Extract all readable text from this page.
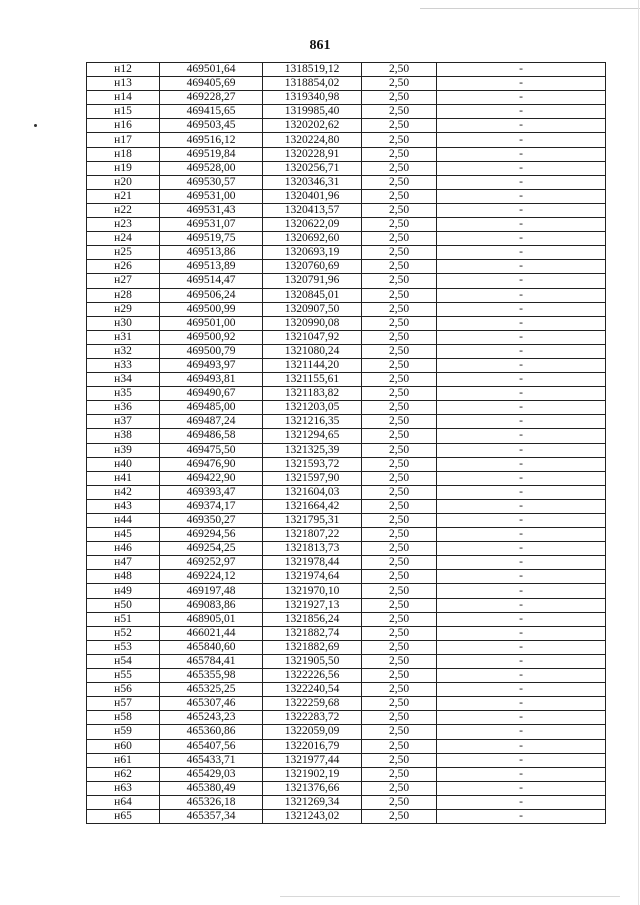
861
н12	469501,64	1318519,12	2,50	-
н13	469405,69	1318854,02	2,50	-
н14	469228,27	1319340,98	2,50	-
н15	469415,65	1319985,40	2,50	-
н16	469503,45	1320202,62	2,50	-
н17	469516,12	1320224,80	2,50	-
н18	469519,84	1320228,91	2,50	-
н19	469528,00	1320256,71	2,50	-
н20	469530,57	1320346,31	2,50	-
н21	469531,00	1320401,96	2,50	-
н22	469531,43	1320413,57	2,50	-
н23	469531,07	1320622,09	2,50	-
н24	469519,75	1320692,60	2,50	-
н25	469513,86	1320693,19	2,50	-
н26	469513,89	1320760,69	2,50	-
н27	469514,47	1320791,96	2,50	-
н28	469506,24	1320845,01	2,50	-
н29	469500,99	1320907,50	2,50	-
н30	469501,00	1320990,08	2,50	-
н31	469500,92	1321047,92	2,50	-
н32	469500,79	1321080,24	2,50	-
н33	469493,97	1321144,20	2,50	-
н34	469493,81	1321155,61	2,50	-
н35	469490,67	1321183,82	2,50	-
н36	469485,00	1321203,05	2,50	-
н37	469487,24	1321216,35	2,50	-
н38	469486,58	1321294,65	2,50	-
н39	469475,50	1321325,39	2,50	-
н40	469476,90	1321593,72	2,50	-
н41	469422,90	1321597,90	2,50	-
н42	469393,47	1321604,03	2,50	-
н43	469374,17	1321664,42	2,50	-
н44	469350,27	1321795,31	2,50	-
н45	469294,56	1321807,22	2,50	-
н46	469254,25	1321813,73	2,50	-
н47	469252,97	1321978,44	2,50	-
н48	469224,12	1321974,64	2,50	-
н49	469197,48	1321970,10	2,50	-
н50	469083,86	1321927,13	2,50	-
н51	468905,01	1321856,24	2,50	-
н52	466021,44	1321882,74	2,50	-
н53	465840,60	1321882,69	2,50	-
н54	465784,41	1321905,50	2,50	-
н55	465355,98	1322226,56	2,50	-
н56	465325,25	1322240,54	2,50	-
н57	465307,46	1322259,68	2,50	-
н58	465243,23	1322283,72	2,50	-
н59	465360,86	1322059,09	2,50	-
н60	465407,56	1322016,79	2,50	-
н61	465433,71	1321977,44	2,50	-
н62	465429,03	1321902,19	2,50	-
н63	465380,49	1321376,66	2,50	-
н64	465326,18	1321269,34	2,50	-
н65	465357,34	1321243,02	2,50	-
